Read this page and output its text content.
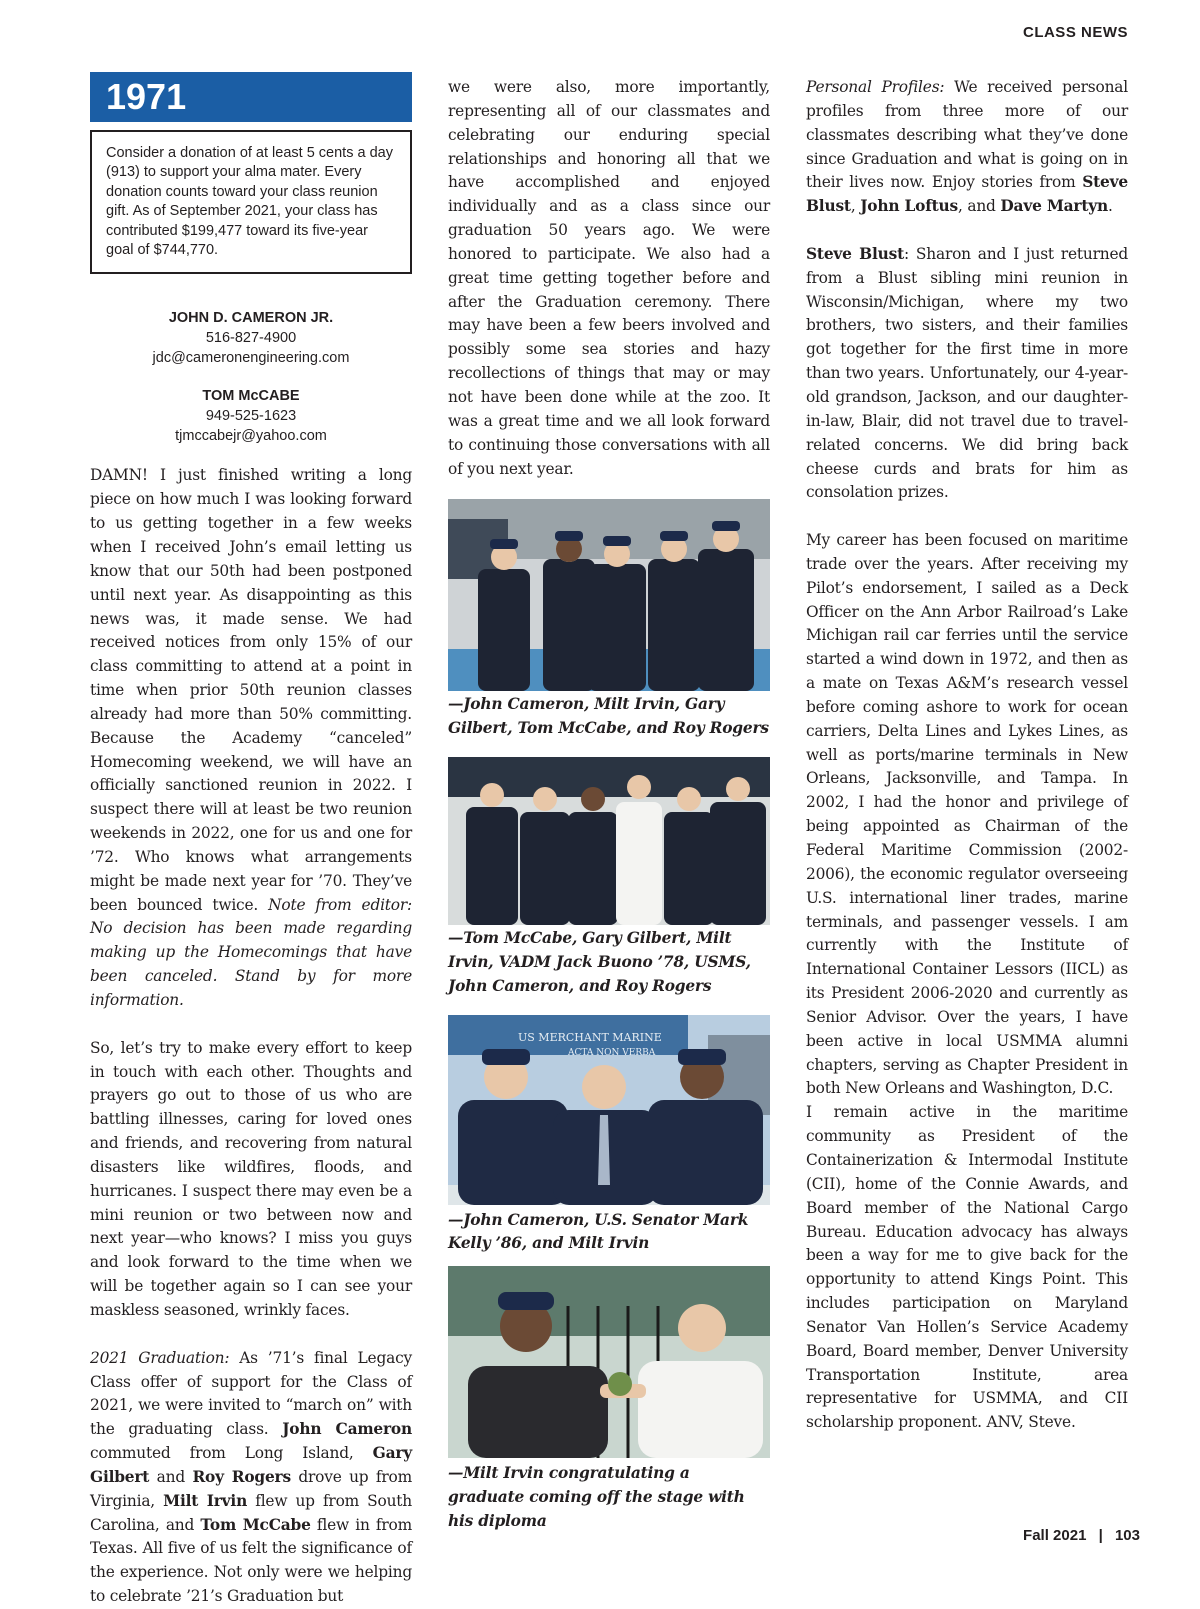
CLASS NEWS
1971
Consider a donation of at least 5 cents a day (913) to support your alma mater. Every donation counts toward your class reunion gift. As of September 2021, your class has contributed $199,477 toward its five-year goal of $744,770.
JOHN D. CAMERON JR.
516-827-4900
jdc@cameronengineering.com
TOM McCABE
949-525-1623
tjmccabejr@yahoo.com

DAMN! I just finished writing a long piece on how much I was looking forward to us getting together in a few weeks when I received John’s email letting us know that our 50th had been postponed until next year. As disappointing as this news was, it made sense. We had received notices from only 15% of our class committing to attend at a point in time when prior 50th reunion classes already had more than 50% committing. Because the Academy “canceled” Homecoming weekend, we will have an officially sanctioned reunion in 2022. I suspect there will at least be two reunion weekends in 2022, one for us and one for ’72. Who knows what arrangements might be made next year for ’70. They’ve been bounced twice. Note from editor: No decision has been made regarding making up the Homecomings that have been canceled. Stand by for more information.

So, let’s try to make every effort to keep in touch with each other. Thoughts and prayers go out to those of us who are battling illnesses, caring for loved ones and friends, and recovering from natural disasters like wildfires, floods, and hurricanes. I suspect there may even be a mini reunion or two between now and next year—who knows? I miss you guys and look forward to the time when we will be together again so I can see your maskless seasoned, wrinkly faces.

2021 Graduation: As ’71’s final Legacy Class offer of support for the Class of 2021, we were invited to “march on” with the graduating class. John Cameron commuted from Long Island, Gary Gilbert and Roy Rogers drove up from Virginia, Milt Irvin flew up from South Carolina, and Tom McCabe flew in from Texas. All five of us felt the significance of the experience. Not only were we helping to celebrate ’21’s Graduation but

we were also, more importantly, representing all of our classmates and celebrating our enduring special relationships and honoring all that we have accomplished and enjoyed individually and as a class since our graduation 50 years ago. We were honored to participate. We also had a great time getting together before and after the Graduation ceremony. There may have been a few beers involved and possibly some sea stories and hazy recollections of things that may or may not have been done while at the zoo. It was a great time and we all look forward to continuing those conversations with all of you next year.

—John Cameron, Milt Irvin, Gary Gilbert, Tom McCabe, and Roy Rogers

—Tom McCabe, Gary Gilbert, Milt Irvin, VADM Jack Buono ’78, USMS, John Cameron, and Roy Rogers

US MERCHANT MARINE
ACTA NON VERBA

—John Cameron, U.S. Senator Mark Kelly ’86, and Milt Irvin

—Milt Irvin congratulating a graduate coming off the stage with his diploma

Personal Profiles: We received personal profiles from three more of our classmates describing what they’ve done since Graduation and what is going on in their lives now. Enjoy stories from Steve Blust, John Loftus, and Dave Martyn.

Steve Blust: Sharon and I just returned from a Blust sibling mini reunion in Wisconsin/Michigan, where my two brothers, two sisters, and their families got together for the first time in more than two years. Unfortunately, our 4-year-old grandson, Jackson, and our daughter-in-law, Blair, did not travel due to travel-related concerns. We did bring back cheese curds and brats for him as consolation prizes.

My career has been focused on maritime trade over the years. After receiving my Pilot’s endorsement, I sailed as a Deck Officer on the Ann Arbor Railroad’s Lake Michigan rail car ferries until the service started a wind down in 1972, and then as a mate on Texas A&M’s research vessel before coming ashore to work for ocean carriers, Delta Lines and Lykes Lines, as well as ports/marine terminals in New Orleans, Jacksonville, and Tampa. In 2002, I had the honor and privilege of being appointed as Chairman of the Federal Maritime Commission (2002-2006), the economic regulator overseeing U.S. international liner trades, marine terminals, and passenger vessels. I am currently with the Institute of International Container Lessors (IICL) as its President 2006-2020 and currently as Senior Advisor. Over the years, I have been active in local USMMA alumni chapters, serving as Chapter President in both New Orleans and Washington, D.C.

I remain active in the maritime community as President of the Containerization & Intermodal Institute (CII), home of the Connie Awards, and Board member of the National Cargo Bureau. Education advocacy has always been a way for me to give back for the opportunity to attend Kings Point. This includes participation on Maryland Senator Van Hollen’s Service Academy Board, Board member, Denver University Transportation Institute, area representative for USMMA, and CII scholarship proponent. ANV, Steve.

Fall 2021 | 103
